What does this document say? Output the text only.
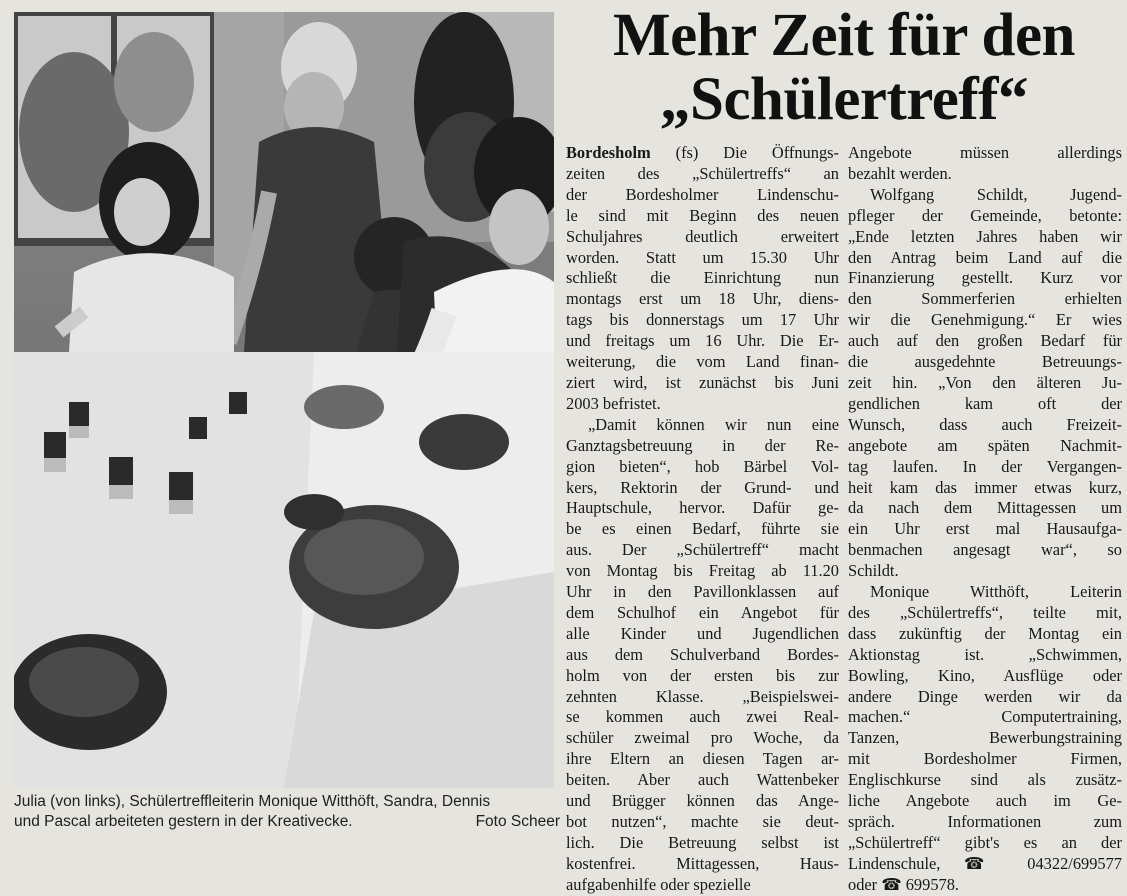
Julia (von links), Schülertreffleiterin Monique Witthöft, Sandra, Dennis
und Pascal arbeiteten gestern in der Kreativecke.	Foto Scheer
Mehr Zeit für den
„Schülertreff“
Bordesholm (fs) Die Öffnungs-
zeiten des „Schülertreffs“ an
der Bordesholmer Lindenschu-
le sind mit Beginn des neuen
Schuljahres deutlich erweitert
worden. Statt um 15.30 Uhr
schließt die Einrichtung nun
montags erst um 18 Uhr, diens-
tags bis donnerstags um 17 Uhr
und freitags um 16 Uhr. Die Er-
weiterung, die vom Land finan-
ziert wird, ist zunächst bis Juni
2003 befristet.
„Damit können wir nun eine
Ganztagsbetreuung in der Re-
gion bieten“, hob Bärbel Vol-
kers, Rektorin der Grund- und
Hauptschule, hervor. Dafür ge-
be es einen Bedarf, führte sie
aus. Der „Schülertreff“ macht
von Montag bis Freitag ab 11.20
Uhr in den Pavillonklassen auf
dem Schulhof ein Angebot für
alle Kinder und Jugendlichen
aus dem Schulverband Bordes-
holm von der ersten bis zur
zehnten Klasse. „Beispielswei-
se kommen auch zwei Real-
schüler zweimal pro Woche, da
ihre Eltern an diesen Tagen ar-
beiten. Aber auch Wattenbeker
und Brügger können das Ange-
bot nutzen“, machte sie deut-
lich. Die Betreuung selbst ist
kostenfrei. Mittagessen, Haus-
aufgabenhilfe oder spezielle
Angebote müssen allerdings
bezahlt werden.
Wolfgang Schildt, Jugend-
pfleger der Gemeinde, betonte:
„Ende letzten Jahres haben wir
den Antrag beim Land auf die
Finanzierung gestellt. Kurz vor
den Sommerferien erhielten
wir die Genehmigung.“ Er wies
auch auf den großen Bedarf für
die ausgedehnte Betreuungs-
zeit hin. „Von den älteren Ju-
gendlichen kam oft der
Wunsch, dass auch Freizeit-
angebote am späten Nachmit-
tag laufen. In der Vergangen-
heit kam das immer etwas kurz,
da nach dem Mittagessen um
ein Uhr erst mal Hausaufga-
benmachen angesagt war“, so
Schildt.
Monique Witthöft, Leiterin
des „Schülertreffs“, teilte mit,
dass zukünftig der Montag ein
Aktionstag ist. „Schwimmen,
Bowling, Kino, Ausflüge oder
andere Dinge werden wir da
machen.“ Computertraining,
Tanzen, Bewerbungstraining
mit Bordesholmer Firmen,
Englischkurse sind als zusätz-
liche Angebote auch im Ge-
spräch. Informationen zum
„Schülertreff“ gibt's es an der
Lindenschule, ☎ 04322/699577
oder ☎ 699578.
